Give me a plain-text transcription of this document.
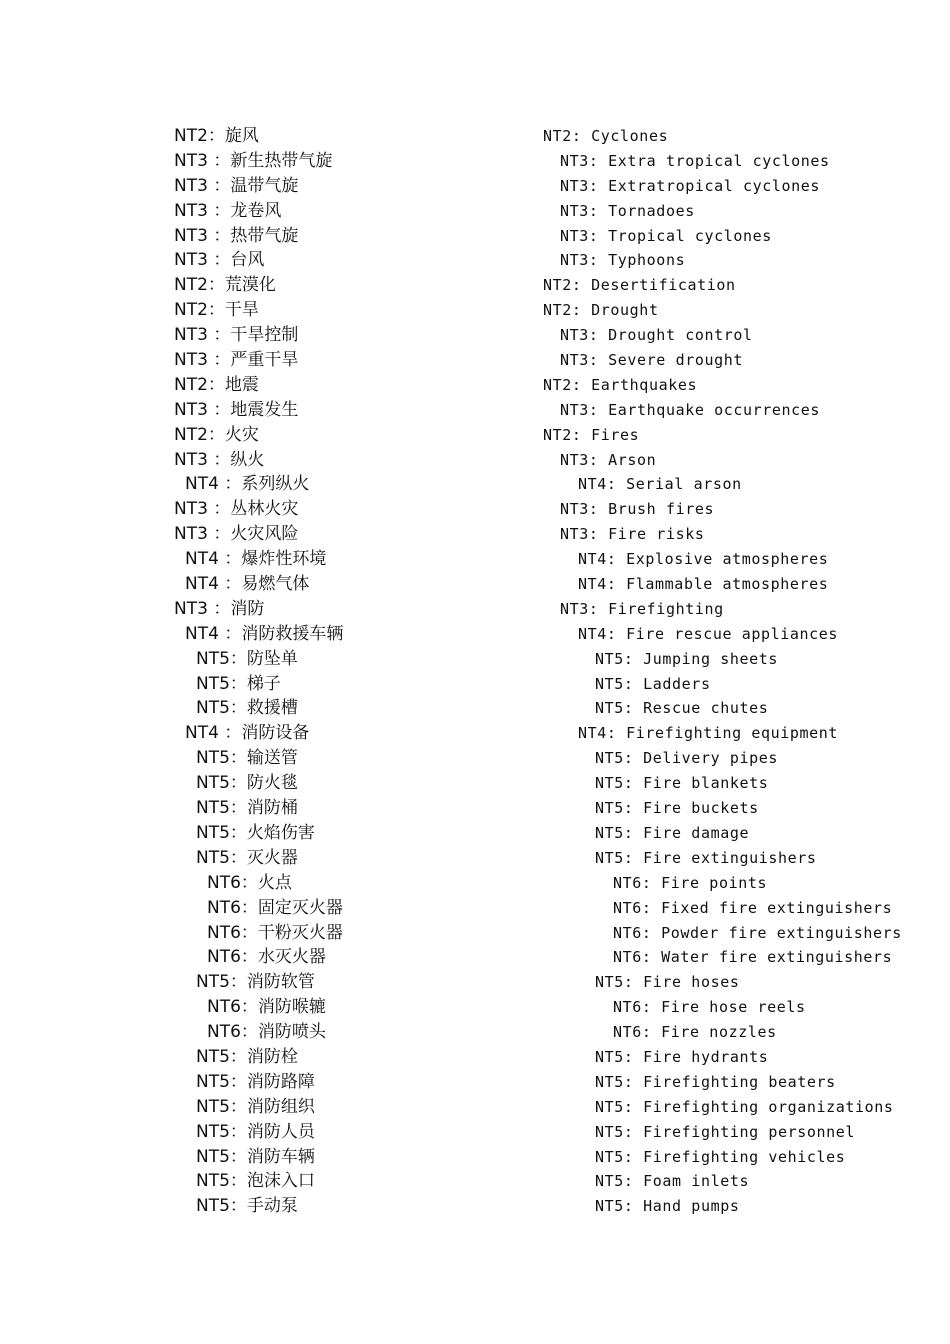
NT2：旋风
NT3 ：新生热带气旋
NT3 ：温带气旋
NT3 ：龙卷风
NT3 ：热带气旋
NT3 ：台风
NT2：荒漠化
NT2：干旱
NT3 ：干旱控制
NT3 ：严重干旱
NT2：地震
NT3 ：地震发生
NT2：火灾
NT3 ：纵火
NT4 ：系列纵火
NT3 ：丛林火灾
NT3 ：火灾风险
NT4 ：爆炸性环境
NT4 ：易燃气体
NT3 ：消防
NT4 ：消防救援车辆
NT5：防坠单
NT5：梯子
NT5：救援槽
NT4 ：消防设备
NT5：输送管
NT5：防火毯
NT5：消防桶
NT5：火焰伤害
NT5：灭火器
NT6：火点
NT6：固定灭火器
NT6：干粉灭火器
NT6：水灭火器
NT5：消防软管
NT6：消防喉辘
NT6：消防喷头
NT5：消防栓
NT5：消防路障
NT5：消防组织
NT5：消防人员
NT5：消防车辆
NT5：泡沫入口
NT5：手动泵
NT2: Cyclones
NT3: Extra tropical cyclones
NT3: Extratropical cyclones
NT3: Tornadoes
NT3: Tropical cyclones
NT3: Typhoons
NT2: Desertification
NT2: Drought
NT3: Drought control
NT3: Severe drought
NT2: Earthquakes
NT3: Earthquake occurrences
NT2: Fires
NT3: Arson
NT4: Serial arson
NT3: Brush fires
NT3: Fire risks
NT4: Explosive atmospheres
NT4: Flammable atmospheres
NT3: Firefighting
NT4: Fire rescue appliances
NT5: Jumping sheets
NT5: Ladders
NT5: Rescue chutes
NT4: Firefighting equipment
NT5: Delivery pipes
NT5: Fire blankets
NT5: Fire buckets
NT5: Fire damage
NT5: Fire extinguishers
NT6: Fire points
NT6: Fixed fire extinguishers
NT6: Powder fire extinguishers
NT6: Water fire extinguishers
NT5: Fire hoses
NT6: Fire hose reels
NT6: Fire nozzles
NT5: Fire hydrants
NT5: Firefighting beaters
NT5: Firefighting organizations
NT5: Firefighting personnel
NT5: Firefighting vehicles
NT5: Foam inlets
NT5: Hand pumps
